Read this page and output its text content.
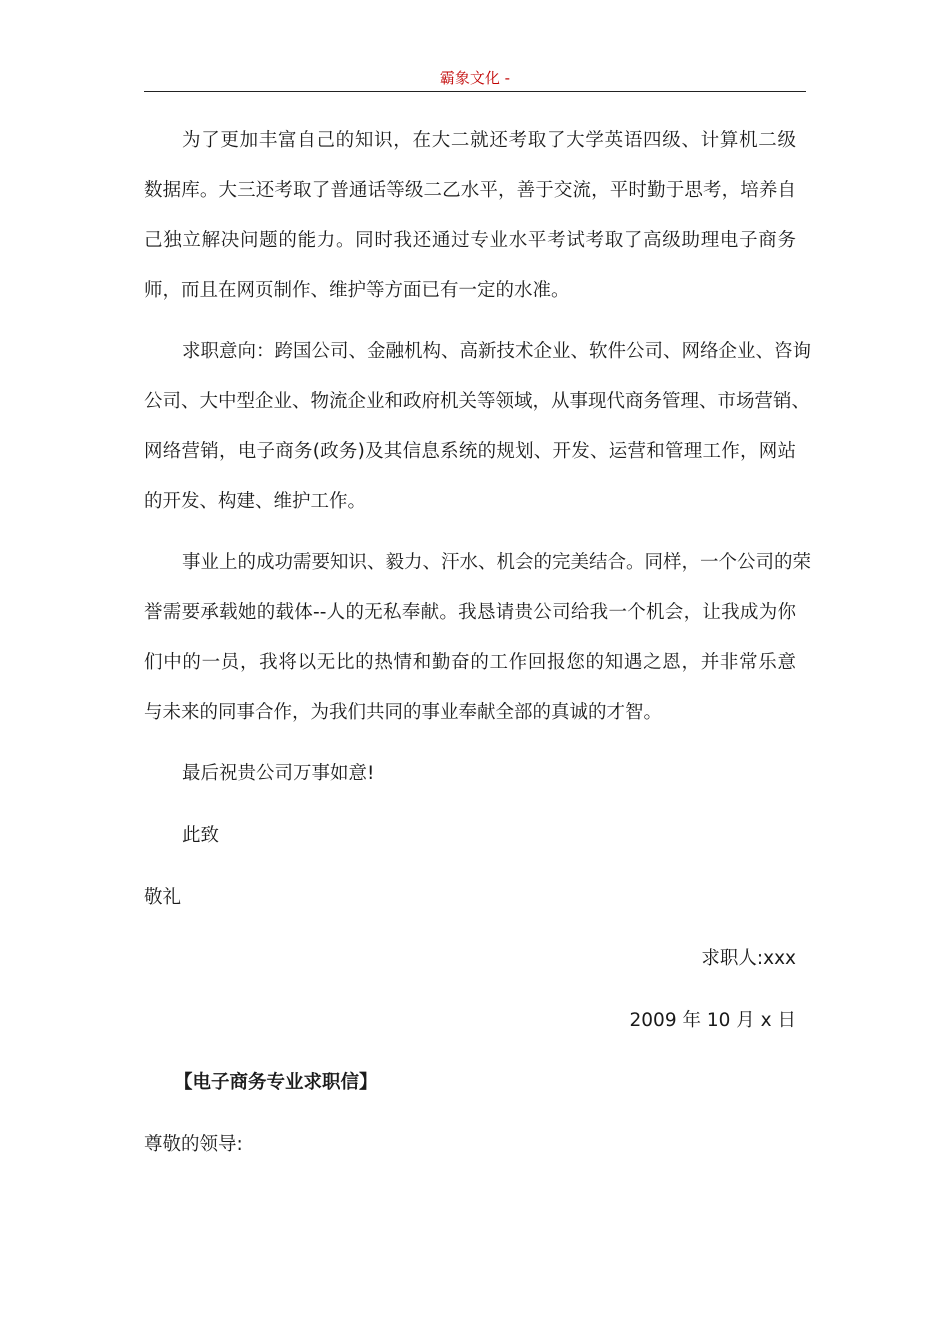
霸象文化 -
为了更加丰富自己的知识，在大二就还考取了大学英语四级、计算机二级
数据库。大三还考取了普通话等级二乙水平，善于交流，平时勤于思考，培养自
己独立解决问题的能力。同时我还通过专业水平考试考取了高级助理电子商务
师，而且在网页制作、维护等方面已有一定的水准。
求职意向：跨国公司、金融机构、高新技术企业、软件公司、网络企业、咨询
公司、大中型企业、物流企业和政府机关等领域，从事现代商务管理、市场营销、
网络营销，电子商务(政务)及其信息系统的规划、开发、运营和管理工作，网站
的开发、构建、维护工作。
事业上的成功需要知识、毅力、汗水、机会的完美结合。同样，一个公司的荣
誉需要承载她的载体--人的无私奉献。我恳请贵公司给我一个机会，让我成为你
们中的一员，我将以无比的热情和勤奋的工作回报您的知遇之恩，并非常乐意
与未来的同事合作，为我们共同的事业奉献全部的真诚的才智。
最后祝贵公司万事如意!
此致
敬礼
求职人:xxx
2009 年 10 月 x 日
【电子商务专业求职信】
尊敬的领导:
